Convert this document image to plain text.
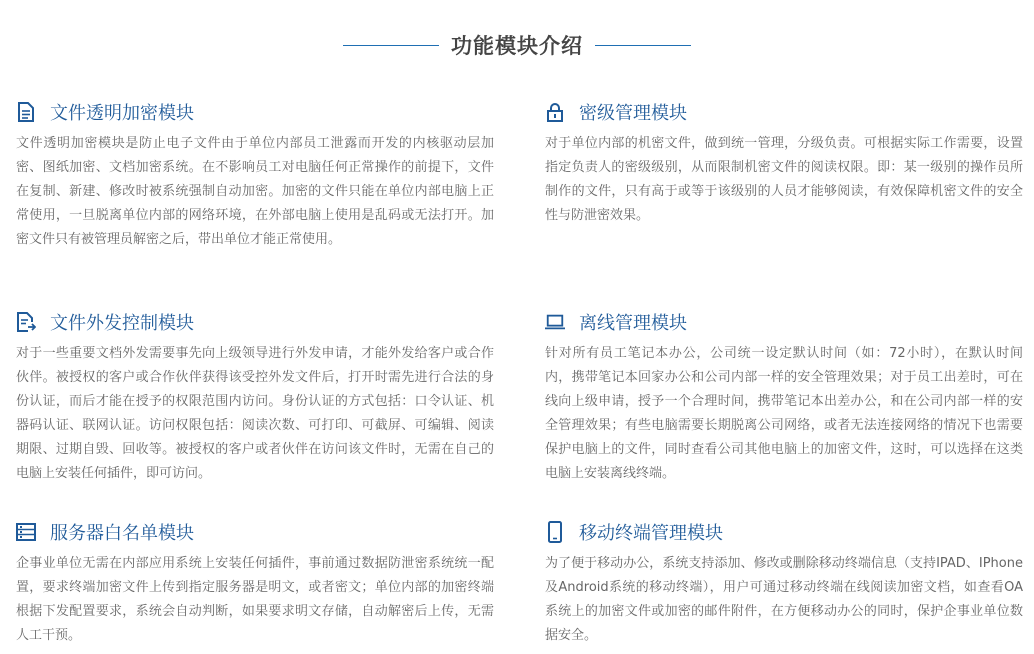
功能模块介绍
文件透明加密模块
文件透明加密模块是防止电子文件由于单位内部员工泄露而开发的内核驱动层加密、图纸加密、文档加密系统。在不影响员工对电脑任何正常操作的前提下，文件在复制、新建、修改时被系统强制自动加密。加密的文件只能在单位内部电脑上正常使用，一旦脱离单位内部的网络环境，在外部电脑上使用是乱码或无法打开。加密文件只有被管理员解密之后，带出单位才能正常使用。
密级管理模块
对于单位内部的机密文件，做到统一管理，分级负责。可根据实际工作需要，设置指定负责人的密级级别，从而限制机密文件的阅读权限。即：某一级别的操作员所制作的文件，只有高于或等于该级别的人员才能够阅读，有效保障机密文件的安全性与防泄密效果。
文件外发控制模块
对于一些重要文档外发需要事先向上级领导进行外发申请，才能外发给客户或合作伙伴。被授权的客户或合作伙伴获得该受控外发文件后，打开时需先进行合法的身份认证，而后才能在授予的权限范围内访问。身份认证的方式包括：口令认证、机器码认证、联网认证。访问权限包括：阅读次数、可打印、可截屏、可编辑、阅读期限、过期自毁、回收等。被授权的客户或者伙伴在访问该文件时，无需在自己的电脑上安装任何插件，即可访问。
离线管理模块
针对所有员工笔记本办公，公司统一设定默认时间（如：72小时），在默认时间内，携带笔记本回家办公和公司内部一样的安全管理效果；对于员工出差时，可在线向上级申请，授予一个合理时间，携带笔记本出差办公，和在公司内部一样的安全管理效果；有些电脑需要长期脱离公司网络，或者无法连接网络的情况下也需要保护电脑上的文件，同时查看公司其他电脑上的加密文件，这时，可以选择在这类电脑上安装离线终端。
服务器白名单模块
企事业单位无需在内部应用系统上安装任何插件，事前通过数据防泄密系统统一配置，要求终端加密文件上传到指定服务器是明文，或者密文；单位内部的加密终端根据下发配置要求，系统会自动判断，如果要求明文存储，自动解密后上传，无需人工干预。
移动终端管理模块
为了便于移动办公，系统支持添加、修改或删除移动终端信息（支持IPAD、IPhone及Android系统的移动终端），用户可通过移动终端在线阅读加密文档，如查看OA系统上的加密文件或加密的邮件附件，在方便移动办公的同时，保护企事业单位数据安全。
